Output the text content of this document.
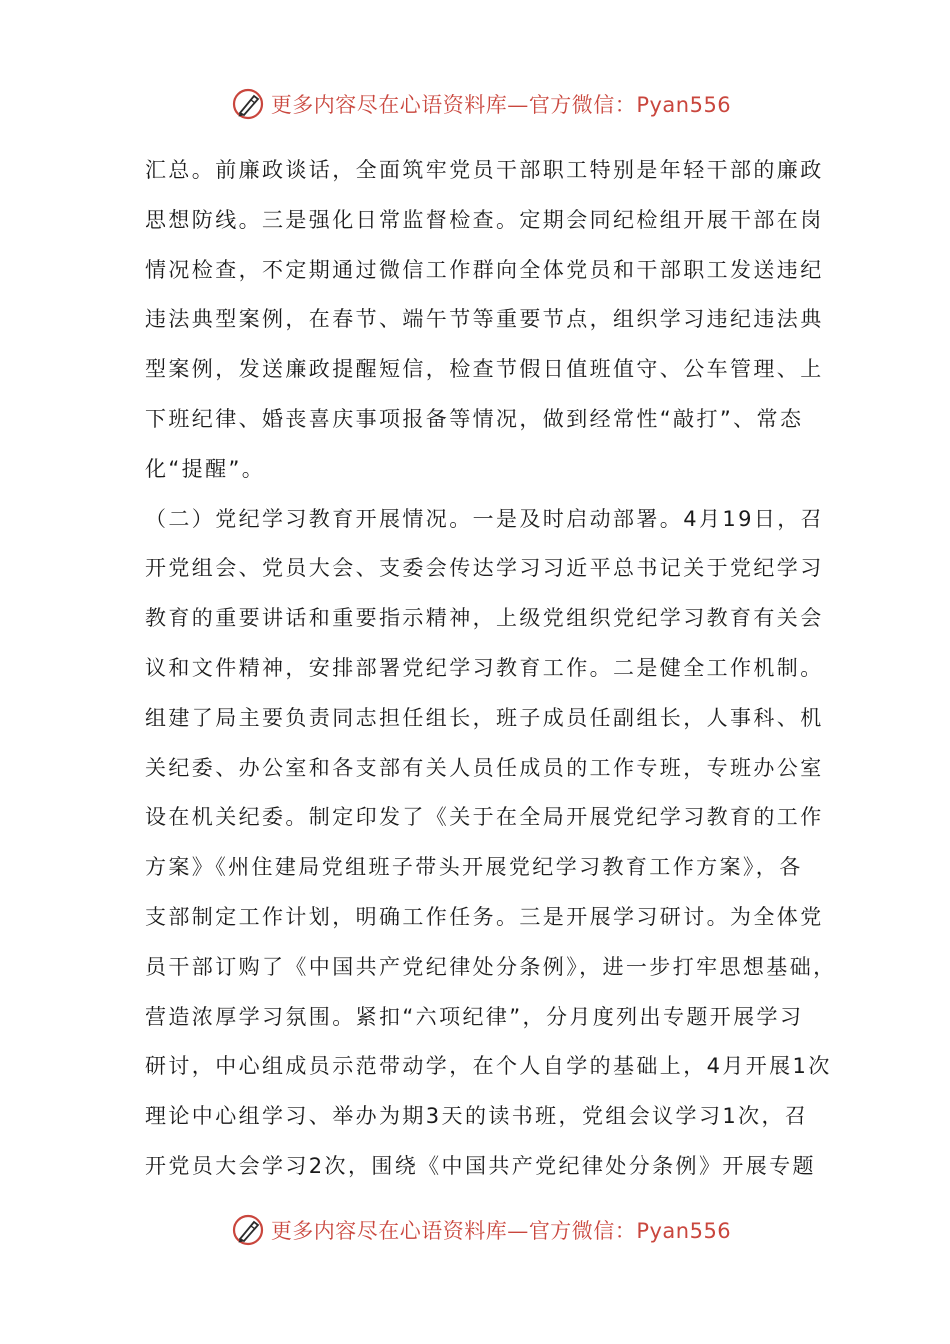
更多内容尽在心语资料库—官方微信：Pyan556
汇总。前廉政谈话，全面筑牢党员干部职工特别是年轻干部的廉政
思想防线。三是强化日常监督检查。定期会同纪检组开展干部在岗
情况检查，不定期通过微信工作群向全体党员和干部职工发送违纪
违法典型案例，在春节、端午节等重要节点，组织学习违纪违法典
型案例，发送廉政提醒短信，检查节假日值班值守、公车管理、上
下班纪律、婚丧喜庆事项报备等情况，做到经常性“敲打”、常态
化“提醒”。
（二）党纪学习教育开展情况。一是及时启动部署。4月19日，召
开党组会、党员大会、支委会传达学习习近平总书记关于党纪学习
教育的重要讲话和重要指示精神，上级党组织党纪学习教育有关会
议和文件精神，安排部署党纪学习教育工作。二是健全工作机制。
组建了局主要负责同志担任组长，班子成员任副组长，人事科、机
关纪委、办公室和各支部有关人员任成员的工作专班，专班办公室
设在机关纪委。制定印发了《关于在全局开展党纪学习教育的工作
方案》《州住建局党组班子带头开展党纪学习教育工作方案》，各
支部制定工作计划，明确工作任务。三是开展学习研讨。为全体党
员干部订购了《中国共产党纪律处分条例》，进一步打牢思想基础，
营造浓厚学习氛围。紧扣“六项纪律”，分月度列出专题开展学习
研讨，中心组成员示范带动学，在个人自学的基础上，4月开展1次
理论中心组学习、举办为期3天的读书班，党组会议学习1次，召
开党员大会学习2次，围绕《中国共产党纪律处分条例》开展专题
更多内容尽在心语资料库—官方微信：Pyan556
